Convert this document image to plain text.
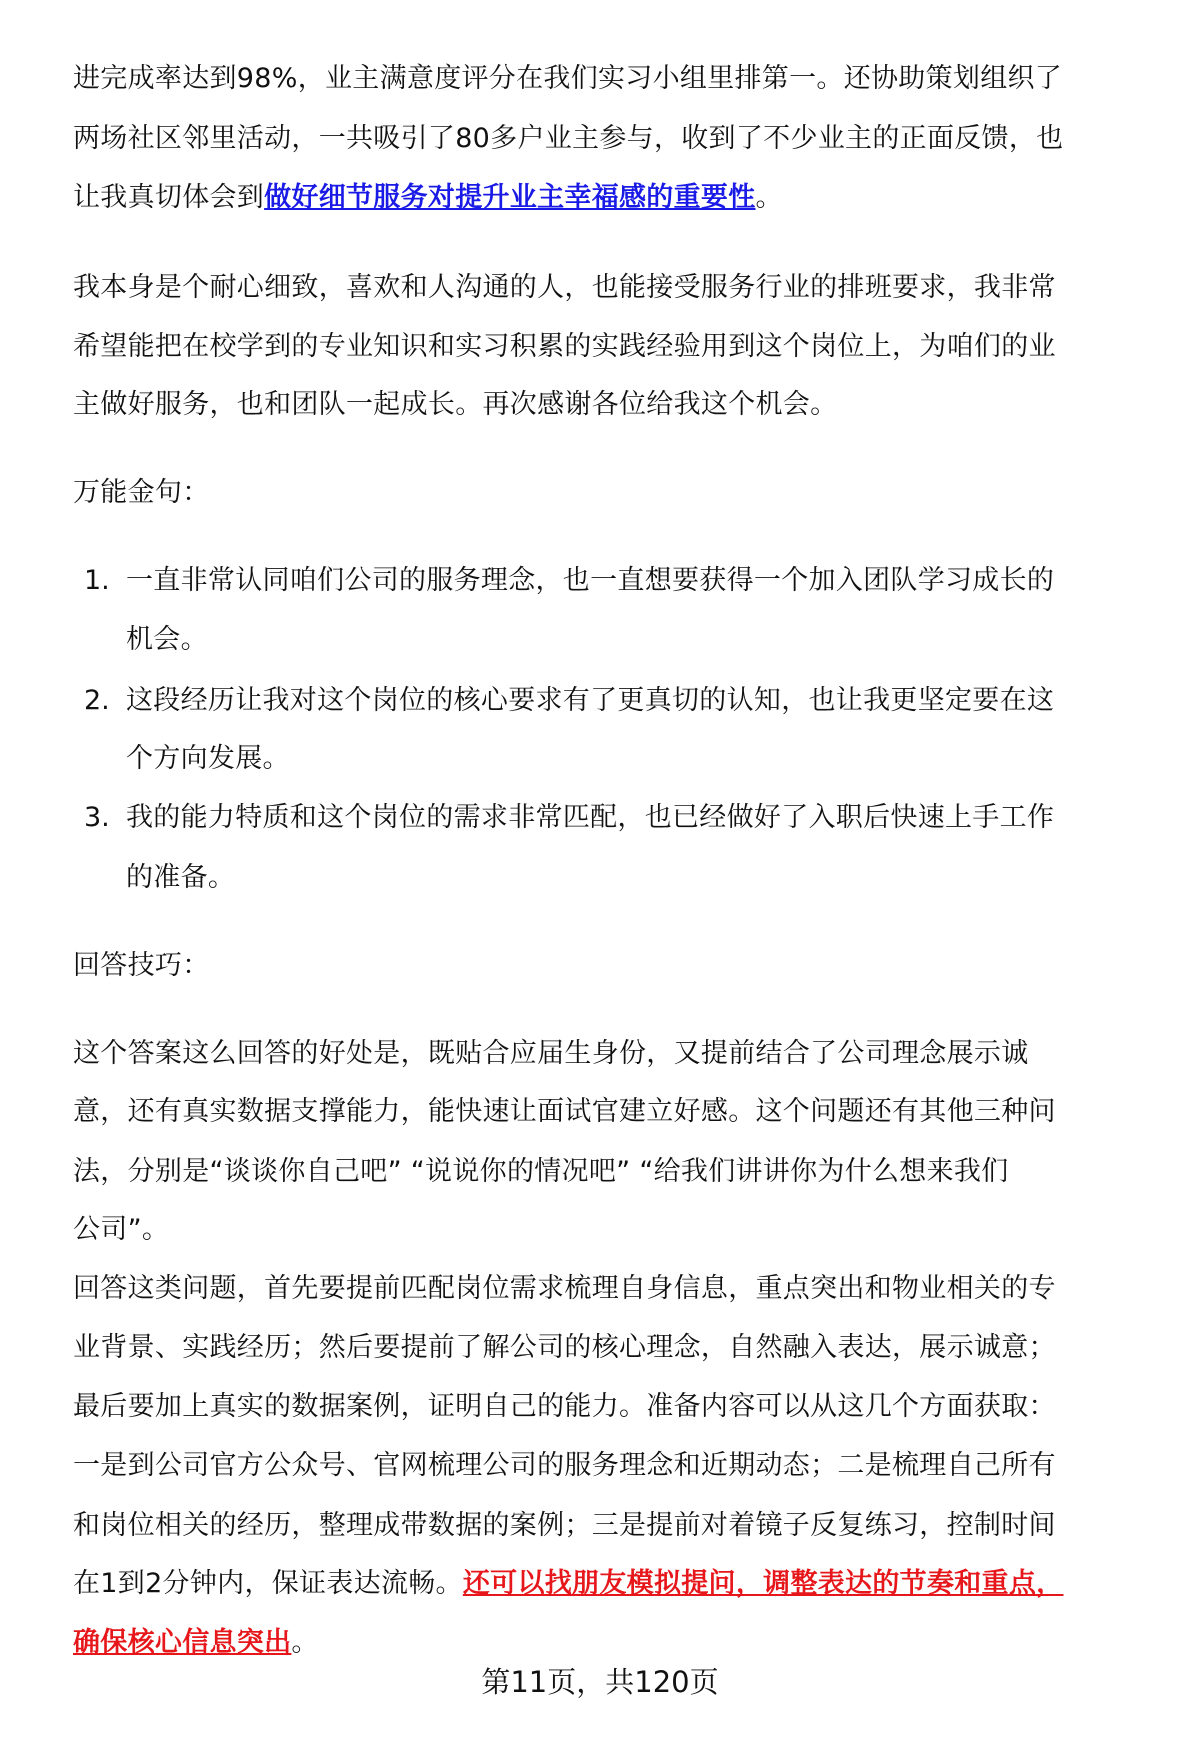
进完成率达到98%，业主满意度评分在我们实习小组里排第一。还协助策划组织了
两场社区邻里活动，一共吸引了80多户业主参与，收到了不少业主的正面反馈，也
让我真切体会到做好细节服务对提升业主幸福感的重要性。
我本身是个耐心细致，喜欢和人沟通的人，也能接受服务行业的排班要求，我非常
希望能把在校学到的专业知识和实习积累的实践经验用到这个岗位上，为咱们的业
主做好服务，也和团队一起成长。再次感谢各位给我这个机会。
万能金句：
1. 一直非常认同咱们公司的服务理念，也一直想要获得一个加入团队学习成长的
机会。
2. 这段经历让我对这个岗位的核心要求有了更真切的认知，也让我更坚定要在这
个方向发展。
3. 我的能力特质和这个岗位的需求非常匹配，也已经做好了入职后快速上手工作
的准备。
回答技巧：
这个答案这么回答的好处是，既贴合应届生身份，又提前结合了公司理念展示诚
意，还有真实数据支撑能力，能快速让面试官建立好感。这个问题还有其他三种问
法，分别是“谈谈你自己吧” “说说你的情况吧” “给我们讲讲你为什么想来我们
公司”。
回答这类问题，首先要提前匹配岗位需求梳理自身信息，重点突出和物业相关的专
业背景、实践经历；然后要提前了解公司的核心理念，自然融入表达，展示诚意；
最后要加上真实的数据案例，证明自己的能力。准备内容可以从这几个方面获取：
一是到公司官方公众号、官网梳理公司的服务理念和近期动态；二是梳理自己所有
和岗位相关的经历，整理成带数据的案例；三是提前对着镜子反复练习，控制时间
在1到2分钟内，保证表达流畅。还可以找朋友模拟提问，调整表达的节奏和重点，
确保核心信息突出。
第11页，共120页
